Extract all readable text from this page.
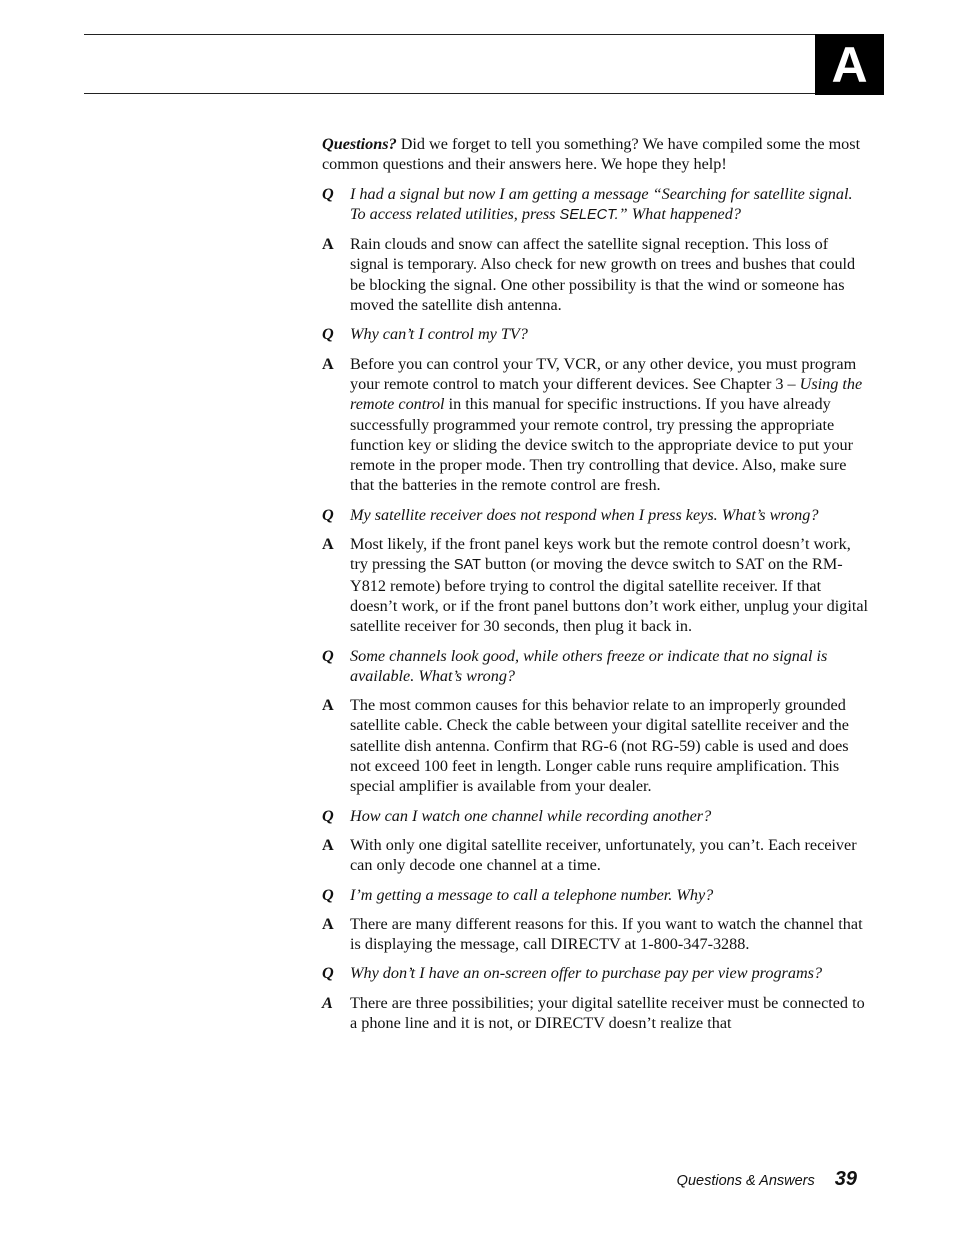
A

Questions? Did we forget to tell you something? We have compiled some the most common questions and their answers here. We hope they help!

Q I had a signal but now I am getting a message “Searching for satellite signal. To access related utilities, press SELECT.” What happened?
A Rain clouds and snow can affect the satellite signal reception. This loss of signal is temporary. Also check for new growth on trees and bushes that could be blocking the signal. One other possibility is that the wind or someone has moved the satellite dish antenna.
Q Why can’t I control my TV?
A Before you can control your TV, VCR, or any other device, you must program your remote control to match your different devices. See Chapter 3 – Using the remote control in this manual for specific instructions. If you have already successfully programmed your remote control, try pressing the appropriate function key or sliding the device switch to the appropriate device to put your remote in the proper mode. Then try controlling that device. Also, make sure that the batteries in the remote control are fresh.
Q My satellite receiver does not respond when I press keys. What’s wrong?
A Most likely, if the front panel keys work but the remote control doesn’t work, try pressing the SAT button (or moving the devce switch to SAT on the RM-Y812 remote) before trying to control the digital satellite receiver. If that doesn’t work, or if the front panel buttons don’t work either, unplug your digital satellite receiver for 30 seconds, then plug it back in.
Q Some channels look good, while others freeze or indicate that no signal is available. What’s wrong?
A The most common causes for this behavior relate to an improperly grounded satellite cable. Check the cable between your digital satellite receiver and the satellite dish antenna. Confirm that RG-6 (not RG-59) cable is used and does not exceed 100 feet in length. Longer cable runs require amplification. This special amplifier is available from your dealer.
Q How can I watch one channel while recording another?
A With only one digital satellite receiver, unfortunately, you can’t. Each receiver can only decode one channel at a time.
Q I’m getting a message to call a telephone number. Why?
A There are many different reasons for this. If you want to watch the channel that is displaying the message, call DIRECTV at 1-800-347-3288.
Q Why don’t I have an on-screen offer to purchase pay per view programs?
A There are three possibilities; your digital satellite receiver must be connected to a phone line and it is not, or DIRECTV doesn’t realize that
Questions & Answers 39
